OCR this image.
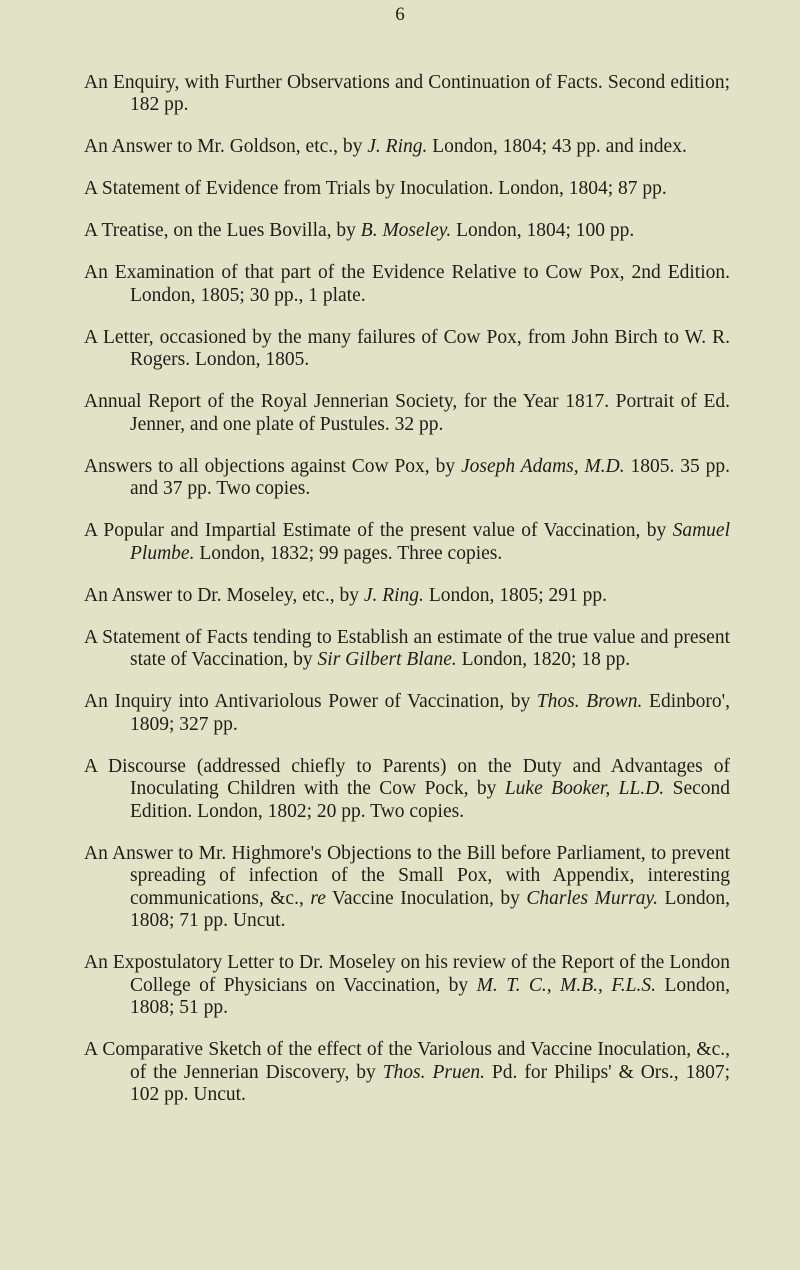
6

An Enquiry, with Further Observations and Continuation of Facts. Second edition; 182 pp.

An Answer to Mr. Goldson, etc., by J. Ring. London, 1804; 43 pp. and index.

A Statement of Evidence from Trials by Inoculation. London, 1804; 87 pp.

A Treatise, on the Lues Bovilla, by B. Moseley. London, 1804; 100 pp.

An Examination of that part of the Evidence Relative to Cow Pox, 2nd Edition. London, 1805; 30 pp., 1 plate.

A Letter, occasioned by the many failures of Cow Pox, from John Birch to W. R. Rogers. London, 1805.

Annual Report of the Royal Jennerian Society, for the Year 1817. Portrait of Ed. Jenner, and one plate of Pustules. 32 pp.

Answers to all objections against Cow Pox, by Joseph Adams, M.D. 1805. 35 pp. and 37 pp. Two copies.

A Popular and Impartial Estimate of the present value of Vaccination, by Samuel Plumbe. London, 1832; 99 pages. Three copies.

An Answer to Dr. Moseley, etc., by J. Ring. London, 1805; 291 pp.

A Statement of Facts tending to Establish an estimate of the true value and present state of Vaccination, by Sir Gilbert Blane. London, 1820; 18 pp.

An Inquiry into Antivariolous Power of Vaccination, by Thos. Brown. Edinboro', 1809; 327 pp.

A Discourse (addressed chiefly to Parents) on the Duty and Advantages of Inoculating Children with the Cow Pock, by Luke Booker, LL.D. Second Edition. London, 1802; 20 pp. Two copies.

An Answer to Mr. Highmore's Objections to the Bill before Parliament, to prevent spreading of infection of the Small Pox, with Appendix, interesting communications, &c., re Vaccine Inoculation, by Charles Murray. London, 1808; 71 pp. Uncut.

An Expostulatory Letter to Dr. Moseley on his review of the Report of the London College of Physicians on Vaccination, by M. T. C., M.B., F.L.S. London, 1808; 51 pp.

A Comparative Sketch of the effect of the Variolous and Vaccine Inoculation, &c., of the Jennerian Discovery, by Thos. Pruen. Pd. for Philips' & Ors., 1807; 102 pp. Uncut.
